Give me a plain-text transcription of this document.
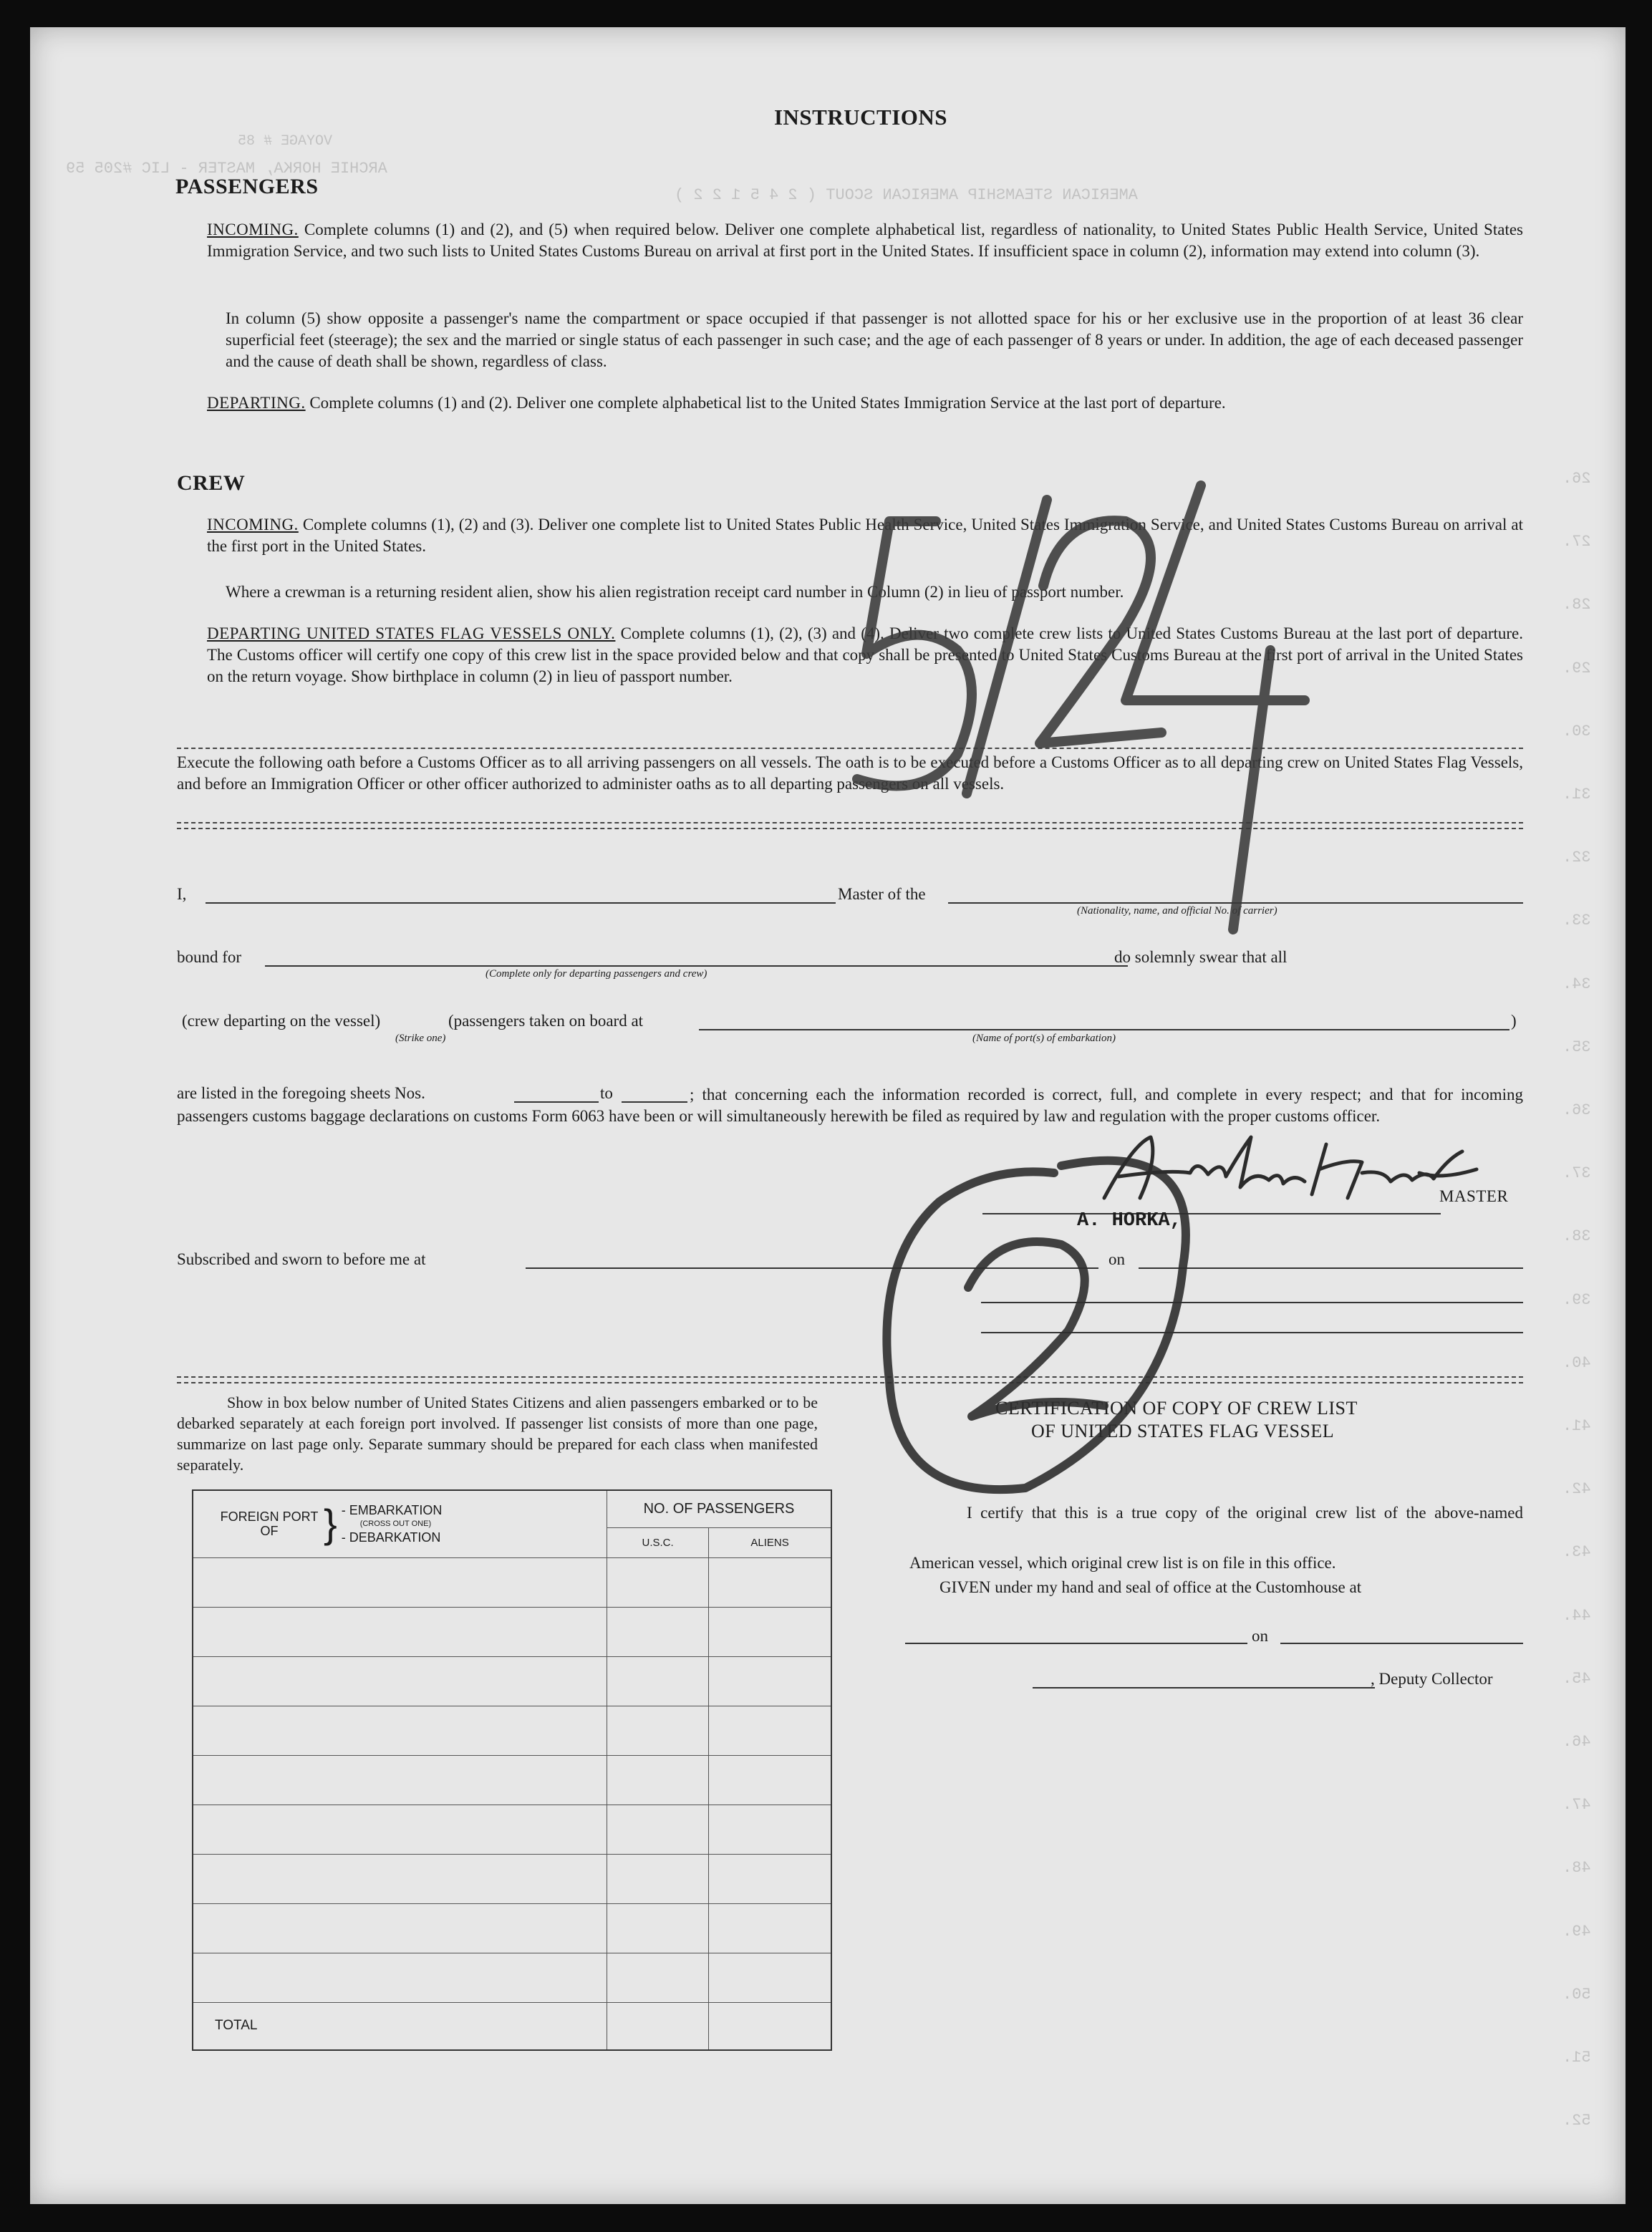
VOYAGE # 85
ARCHIE HORKA, MASTER - LIC #205 59
AMERICAN STEAMSHIP AMERICAN SCOUT ( 2 4 5 1 2 2 )
26.
27.
28.
29.
30.
31.
32.
33.
34.
35.
36.
37.
38.
39.
40.
41.
42.
43.
44.
45.
46.
47.
48.
49.
50.
51.
52.
INSTRUCTIONS
PASSENGERS
INCOMING. Complete columns (1) and (2), and (5) when required below. Deliver one complete alphabetical list, regardless of nationality, to United States Public Health Service, United States Immigration Service, and two such lists to United States Customs Bureau on arrival at first port in the United States. If insufficient space in column (2), information may extend into column (3).
In column (5) show opposite a passenger's name the compartment or space occupied if that passenger is not allotted space for his or her exclusive use in the proportion of at least 36 clear superficial feet (steerage); the sex and the married or single status of each passenger in such case; and the age of each passenger of 8 years or under. In addition, the age of each deceased passenger and the cause of death shall be shown, regardless of class.
DEPARTING. Complete columns (1) and (2). Deliver one complete alphabetical list to the United States Immigration Service at the last port of departure.
CREW
INCOMING. Complete columns (1), (2) and (3). Deliver one complete list to United States Public Health Service, United States Immigration Service, and United States Customs Bureau on arrival at the first port in the United States.
Where a crewman is a returning resident alien, show his alien registration receipt card number in Column (2) in lieu of passport number.
DEPARTING UNITED STATES FLAG VESSELS ONLY. Complete columns (1), (2), (3) and (4). Deliver two complete crew lists to United States Customs Bureau at the last port of departure. The Customs officer will certify one copy of this crew list in the space provided below and that copy shall be presented to United States Customs Bureau at the first port of arrival in the United States on the return voyage. Show birthplace in column (2) in lieu of passport number.
Execute the following oath before a Customs Officer as to all arriving passengers on all vessels. The oath is to be executed before a Customs Officer as to all departing crew on United States Flag Vessels, and before an Immigration Officer or other officer authorized to administer oaths as to all departing passengers on all vessels.
I,	Master of the
(Nationality, name, and official No. of carrier)
bound for
(Complete only for departing passengers and crew)
do solemnly swear that all
(crew departing on the vessel)	(passengers taken on board at	)
(Strike one)	(Name of port(s) of embarkation)
are listed in the foregoing sheets Nos.	to	; that concerning each the information recorded is correct, full, and complete in every respect; and that for incoming passengers customs baggage declarations on customs Form 6063 have been or will simultaneously herewith be filed as required by law and regulation with the proper customs officer.
MASTER
A. HORKA,
Subscribed and sworn to before me at	on
Show in box below number of United States Citizens and alien passengers embarked or to be debarked separately at each foreign port involved. If passenger list consists of more than one page, summarize on last page only. Separate summary should be prepared for each class when manifested separately.
FOREIGN PORT OF } - EMBARKATION
(CROSS OUT ONE)
- DEBARKATION	NO. OF PASSENGERS	
	U.S.C.	ALIENS

TOTAL		
CERTIFICATION OF COPY OF CREW LIST
OF UNITED STATES FLAG VESSEL
I certify that this is a true copy of the original crew list of the above-named American vessel, which original crew list is on file in this office.
GIVEN under my hand and seal of office at the Customhouse at
on
, Deputy Collector
